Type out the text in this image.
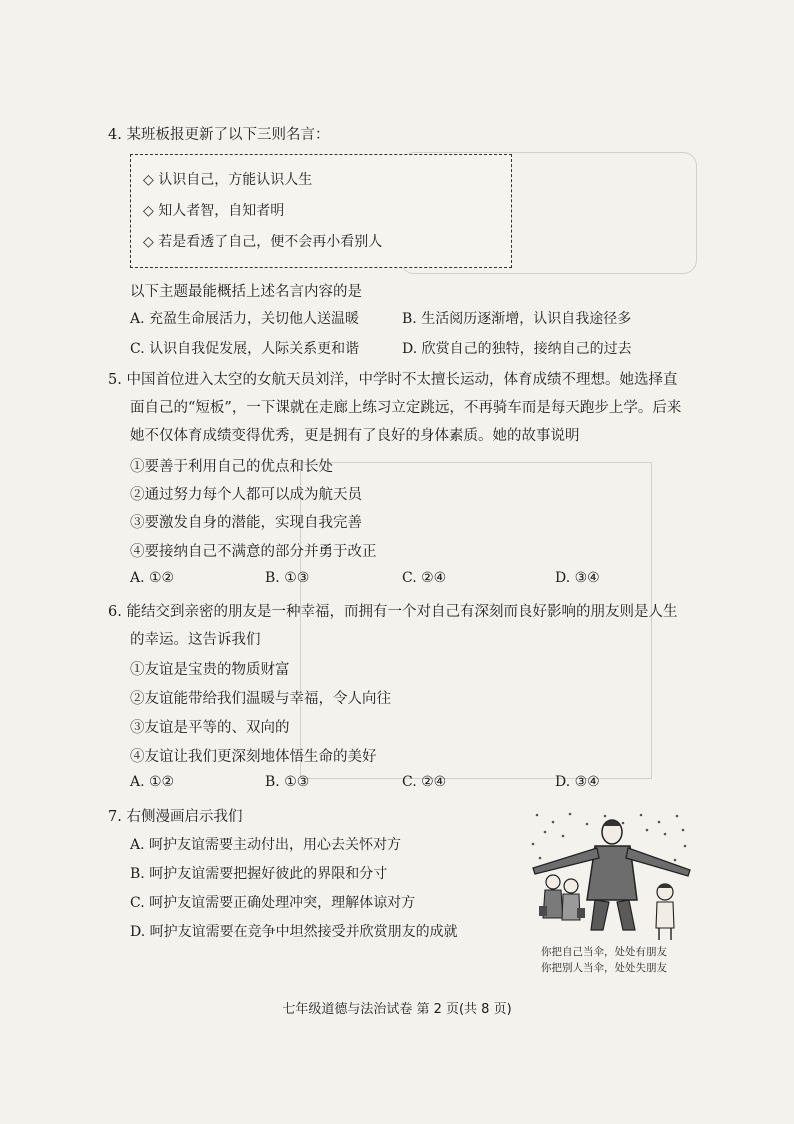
4. 某班板报更新了以下三则名言：
◇ 认识自己，方能认识人生
◇ 知人者智，自知者明
◇ 若是看透了自己，便不会再小看别人
以下主题最能概括上述名言内容的是
A. 充盈生命展活力，关切他人送温暖	B. 生活阅历逐渐增，认识自我途径多
C. 认识自我促发展，人际关系更和谐	D. 欣赏自己的独特，接纳自己的过去
5. 中国首位进入太空的女航天员刘洋，中学时不太擅长运动，体育成绩不理想。她选择直
面自己的“短板”，一下课就在走廊上练习立定跳远，不再骑车而是每天跑步上学。后来
她不仅体育成绩变得优秀，更是拥有了良好的身体素质。她的故事说明
①要善于利用自己的优点和长处
②通过努力每个人都可以成为航天员
③要激发自身的潜能，实现自我完善
④要接纳自己不满意的部分并勇于改正
A. ①②	B. ①③	C. ②④	D. ③④
6. 能结交到亲密的朋友是一种幸福，而拥有一个对自己有深刻而良好影响的朋友则是人生
的幸运。这告诉我们
①友谊是宝贵的物质财富
②友谊能带给我们温暖与幸福，令人向往
③友谊是平等的、双向的
④友谊让我们更深刻地体悟生命的美好
A. ①②	B. ①③	C. ②④	D. ③④
7. 右侧漫画启示我们
A. 呵护友谊需要主动付出，用心去关怀对方
B. 呵护友谊需要把握好彼此的界限和分寸
C. 呵护友谊需要正确处理冲突，理解体谅对方
D. 呵护友谊需要在竞争中坦然接受并欣赏朋友的成就
你把自己当伞，处处有朋友
你把别人当伞，处处失朋友
七年级道德与法治试卷 第 2 页(共 8 页)
